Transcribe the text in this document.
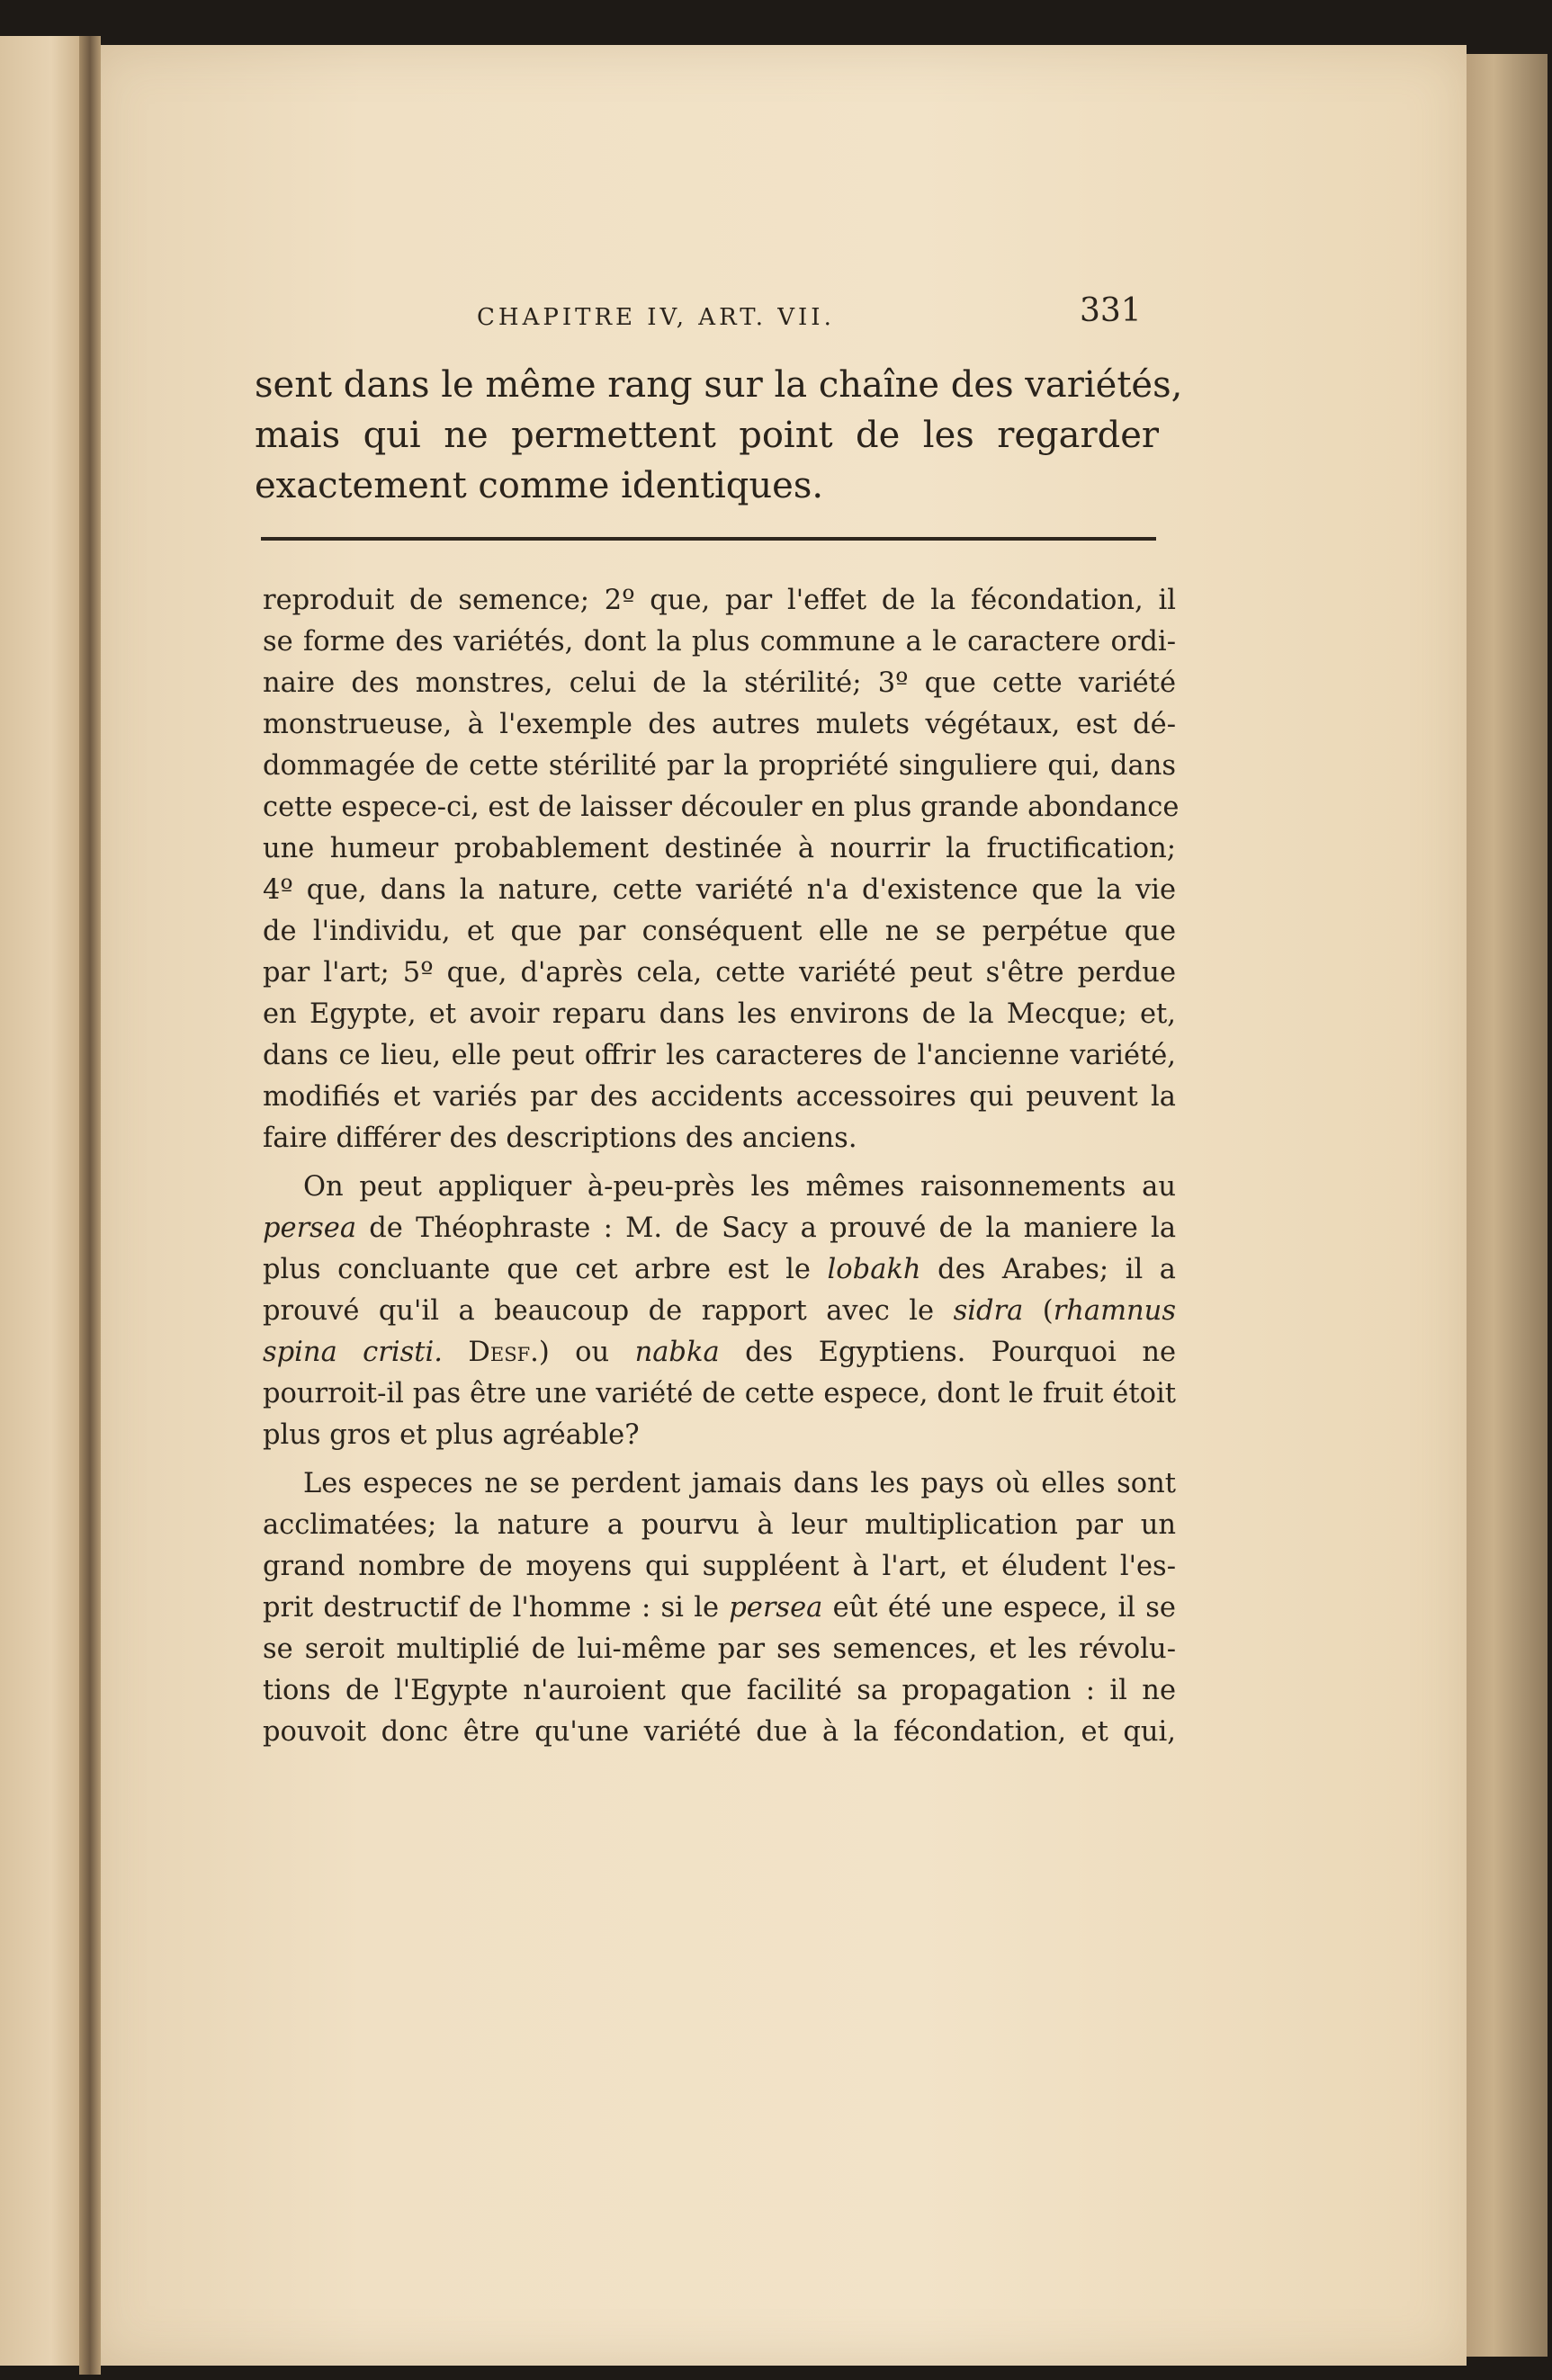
CHAPITRE IV, ART. VII.	331
sent dans le même rang sur la chaîne des variétés,
mais qui ne permettent point de les regarder
exactement comme identiques.
reproduit de semence; 2º que, par l'effet de la fécondation, il
se forme des variétés, dont la plus commune a le caractere ordi-
naire des monstres, celui de la stérilité; 3º que cette variété
monstrueuse, à l'exemple des autres mulets végétaux, est dé-
dommagée de cette stérilité par la propriété singuliere qui, dans
cette espece-ci, est de laisser découler en plus grande abondance
une humeur probablement destinée à nourrir la fructification;
4º que, dans la nature, cette variété n'a d'existence que la vie
de l'individu, et que par conséquent elle ne se perpétue que
par l'art; 5º que, d'après cela, cette variété peut s'être perdue
en Egypte, et avoir reparu dans les environs de la Mecque; et,
dans ce lieu, elle peut offrir les caracteres de l'ancienne variété,
modifiés et variés par des accidents accessoires qui peuvent la
faire différer des descriptions des anciens.
On peut appliquer à-peu-près les mêmes raisonnements au
persea de Théophraste : M. de Sacy a prouvé de la maniere la
plus concluante que cet arbre est le lobakh des Arabes; il a
prouvé qu'il a beaucoup de rapport avec le sidra (rhamnus
spina cristi. Desf.) ou nabka des Egyptiens. Pourquoi ne
pourroit-il pas être une variété de cette espece, dont le fruit étoit
plus gros et plus agréable?
Les especes ne se perdent jamais dans les pays où elles sont
acclimatées; la nature a pourvu à leur multiplication par un
grand nombre de moyens qui suppléent à l'art, et éludent l'es-
prit destructif de l'homme : si le persea eût été une espece, il se
se seroit multiplié de lui-même par ses semences, et les révolu-
tions de l'Egypte n'auroient que facilité sa propagation : il ne
pouvoit donc être qu'une variété due à la fécondation, et qui,
